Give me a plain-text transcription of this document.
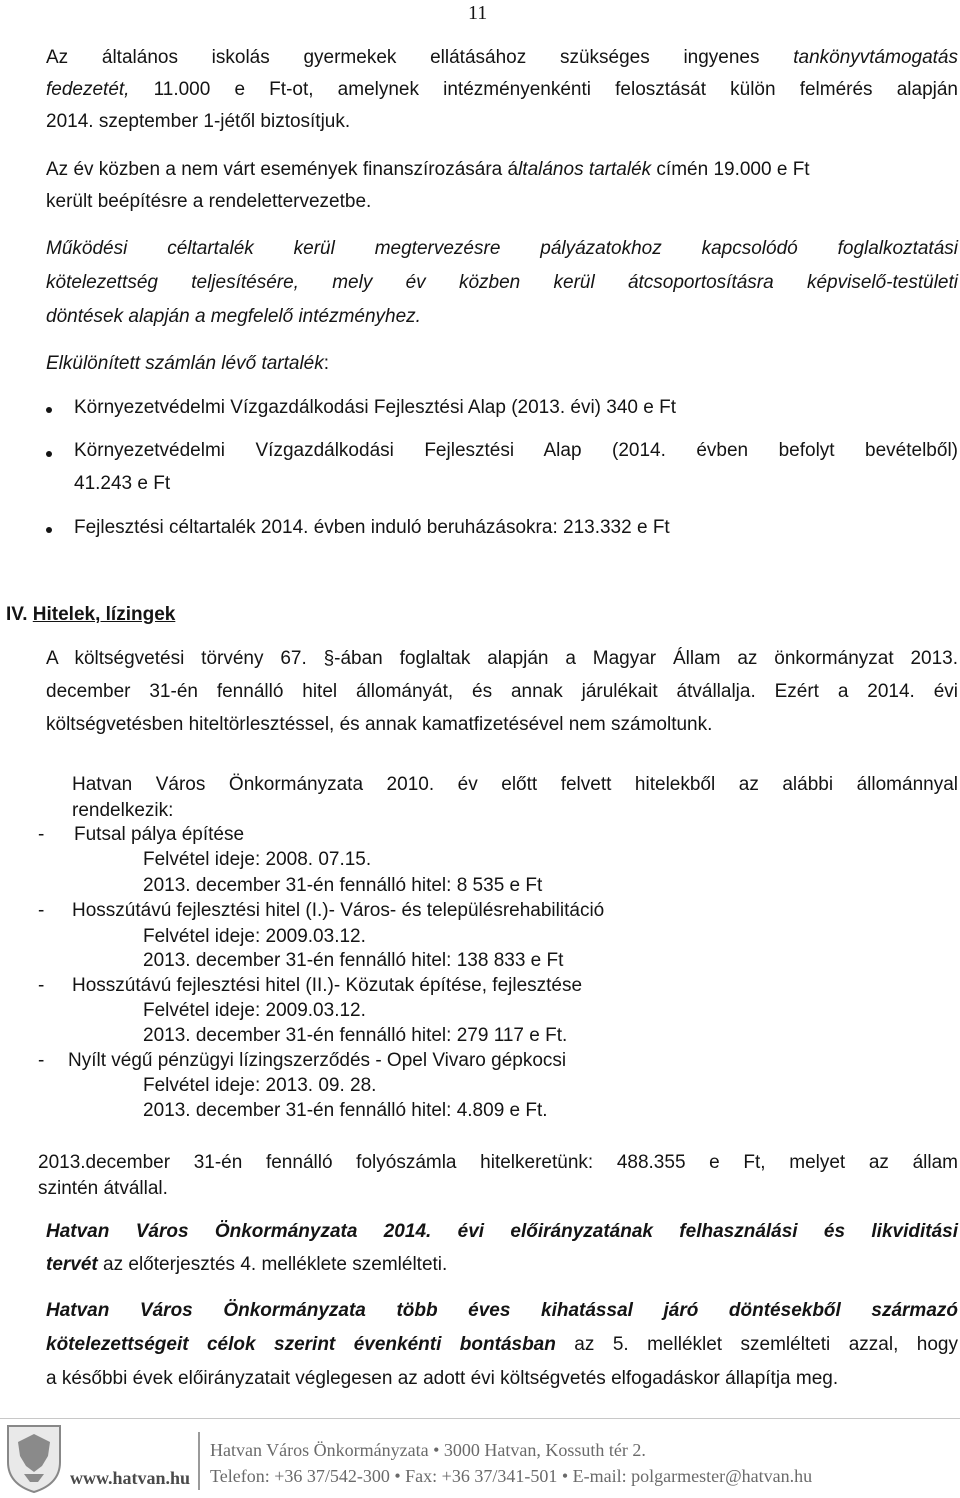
11
Az általános iskolás gyermekek ellátásához szükséges ingyenes tankönyvtámogatás
fedezetét, 11.000 e Ft-ot, amelynek intézményenkénti felosztását külön felmérés alapján
2014. szeptember 1-jétől biztosítjuk.
Az év közben a nem várt események finanszírozására általános tartalék címén 19.000 e Ft
került beépítésre a rendelettervezetbe.
Működési céltartalék kerül megtervezésre pályázatokhoz kapcsolódó foglalkoztatási
kötelezettség teljesítésére, mely év közben kerül átcsoportosításra képviselő-testületi
döntések alapján a megfelelő intézményhez.
Elkülönített számlán lévő tartalék:
Környezetvédelmi Vízgazdálkodási Fejlesztési Alap (2013. évi) 340 e Ft
Környezetvédelmi Vízgazdálkodási Fejlesztési Alap (2014. évben befolyt bevételből)
41.243 e Ft
Fejlesztési céltartalék 2014. évben induló beruházásokra: 213.332 e Ft
IV. Hitelek, lízingek
A költségvetési törvény 67. §-ában foglaltak alapján a Magyar Állam az önkormányzat 2013.
december 31-én fennálló hitel állományát, és annak járulékait átvállalja. Ezért a 2014. évi
költségvetésben hiteltörlesztéssel, és annak kamatfizetésével nem számoltunk.
Hatvan Város Önkormányzata 2010. év előtt felvett hitelekből az alábbi állománnyal
rendelkezik:
- Futsal pálya építése
Felvétel ideje: 2008. 07.15.
2013. december 31-én fennálló hitel: 8 535 e Ft
- Hosszútávú fejlesztési hitel (I.)- Város- és településrehabilitáció
Felvétel ideje: 2009.03.12.
2013. december 31-én fennálló hitel: 138 833 e Ft
- Hosszútávú fejlesztési hitel (II.)- Közutak építése, fejlesztése
Felvétel ideje: 2009.03.12.
2013. december 31-én fennálló hitel: 279 117 e Ft.
- Nyílt végű pénzügyi lízingszerződés - Opel Vivaro gépkocsi
Felvétel ideje: 2013. 09. 28.
2013. december 31-én fennálló hitel: 4.809 e Ft.
2013.december 31-én fennálló folyószámla hitelkeretünk: 488.355 e Ft, melyet az állam
szintén átvállal.
Hatvan Város Önkormányzata 2014. évi előirányzatának felhasználási és likviditási
tervét az előterjesztés 4. melléklete szemlélteti.
Hatvan Város Önkormányzata több éves kihatással járó döntésekből származó
kötelezettségeit célok szerint évenkénti bontásban az 5. melléklet szemlélteti azzal, hogy
a későbbi évek előirányzatait véglegesen az adott évi költségvetés elfogadáskor állapítja meg.
www.hatvan.hu
Hatvan Város Önkormányzata • 3000 Hatvan, Kossuth tér 2.
Telefon: +36 37/542-300 • Fax: +36 37/341-501 • E-mail: polgarmester@hatvan.hu
